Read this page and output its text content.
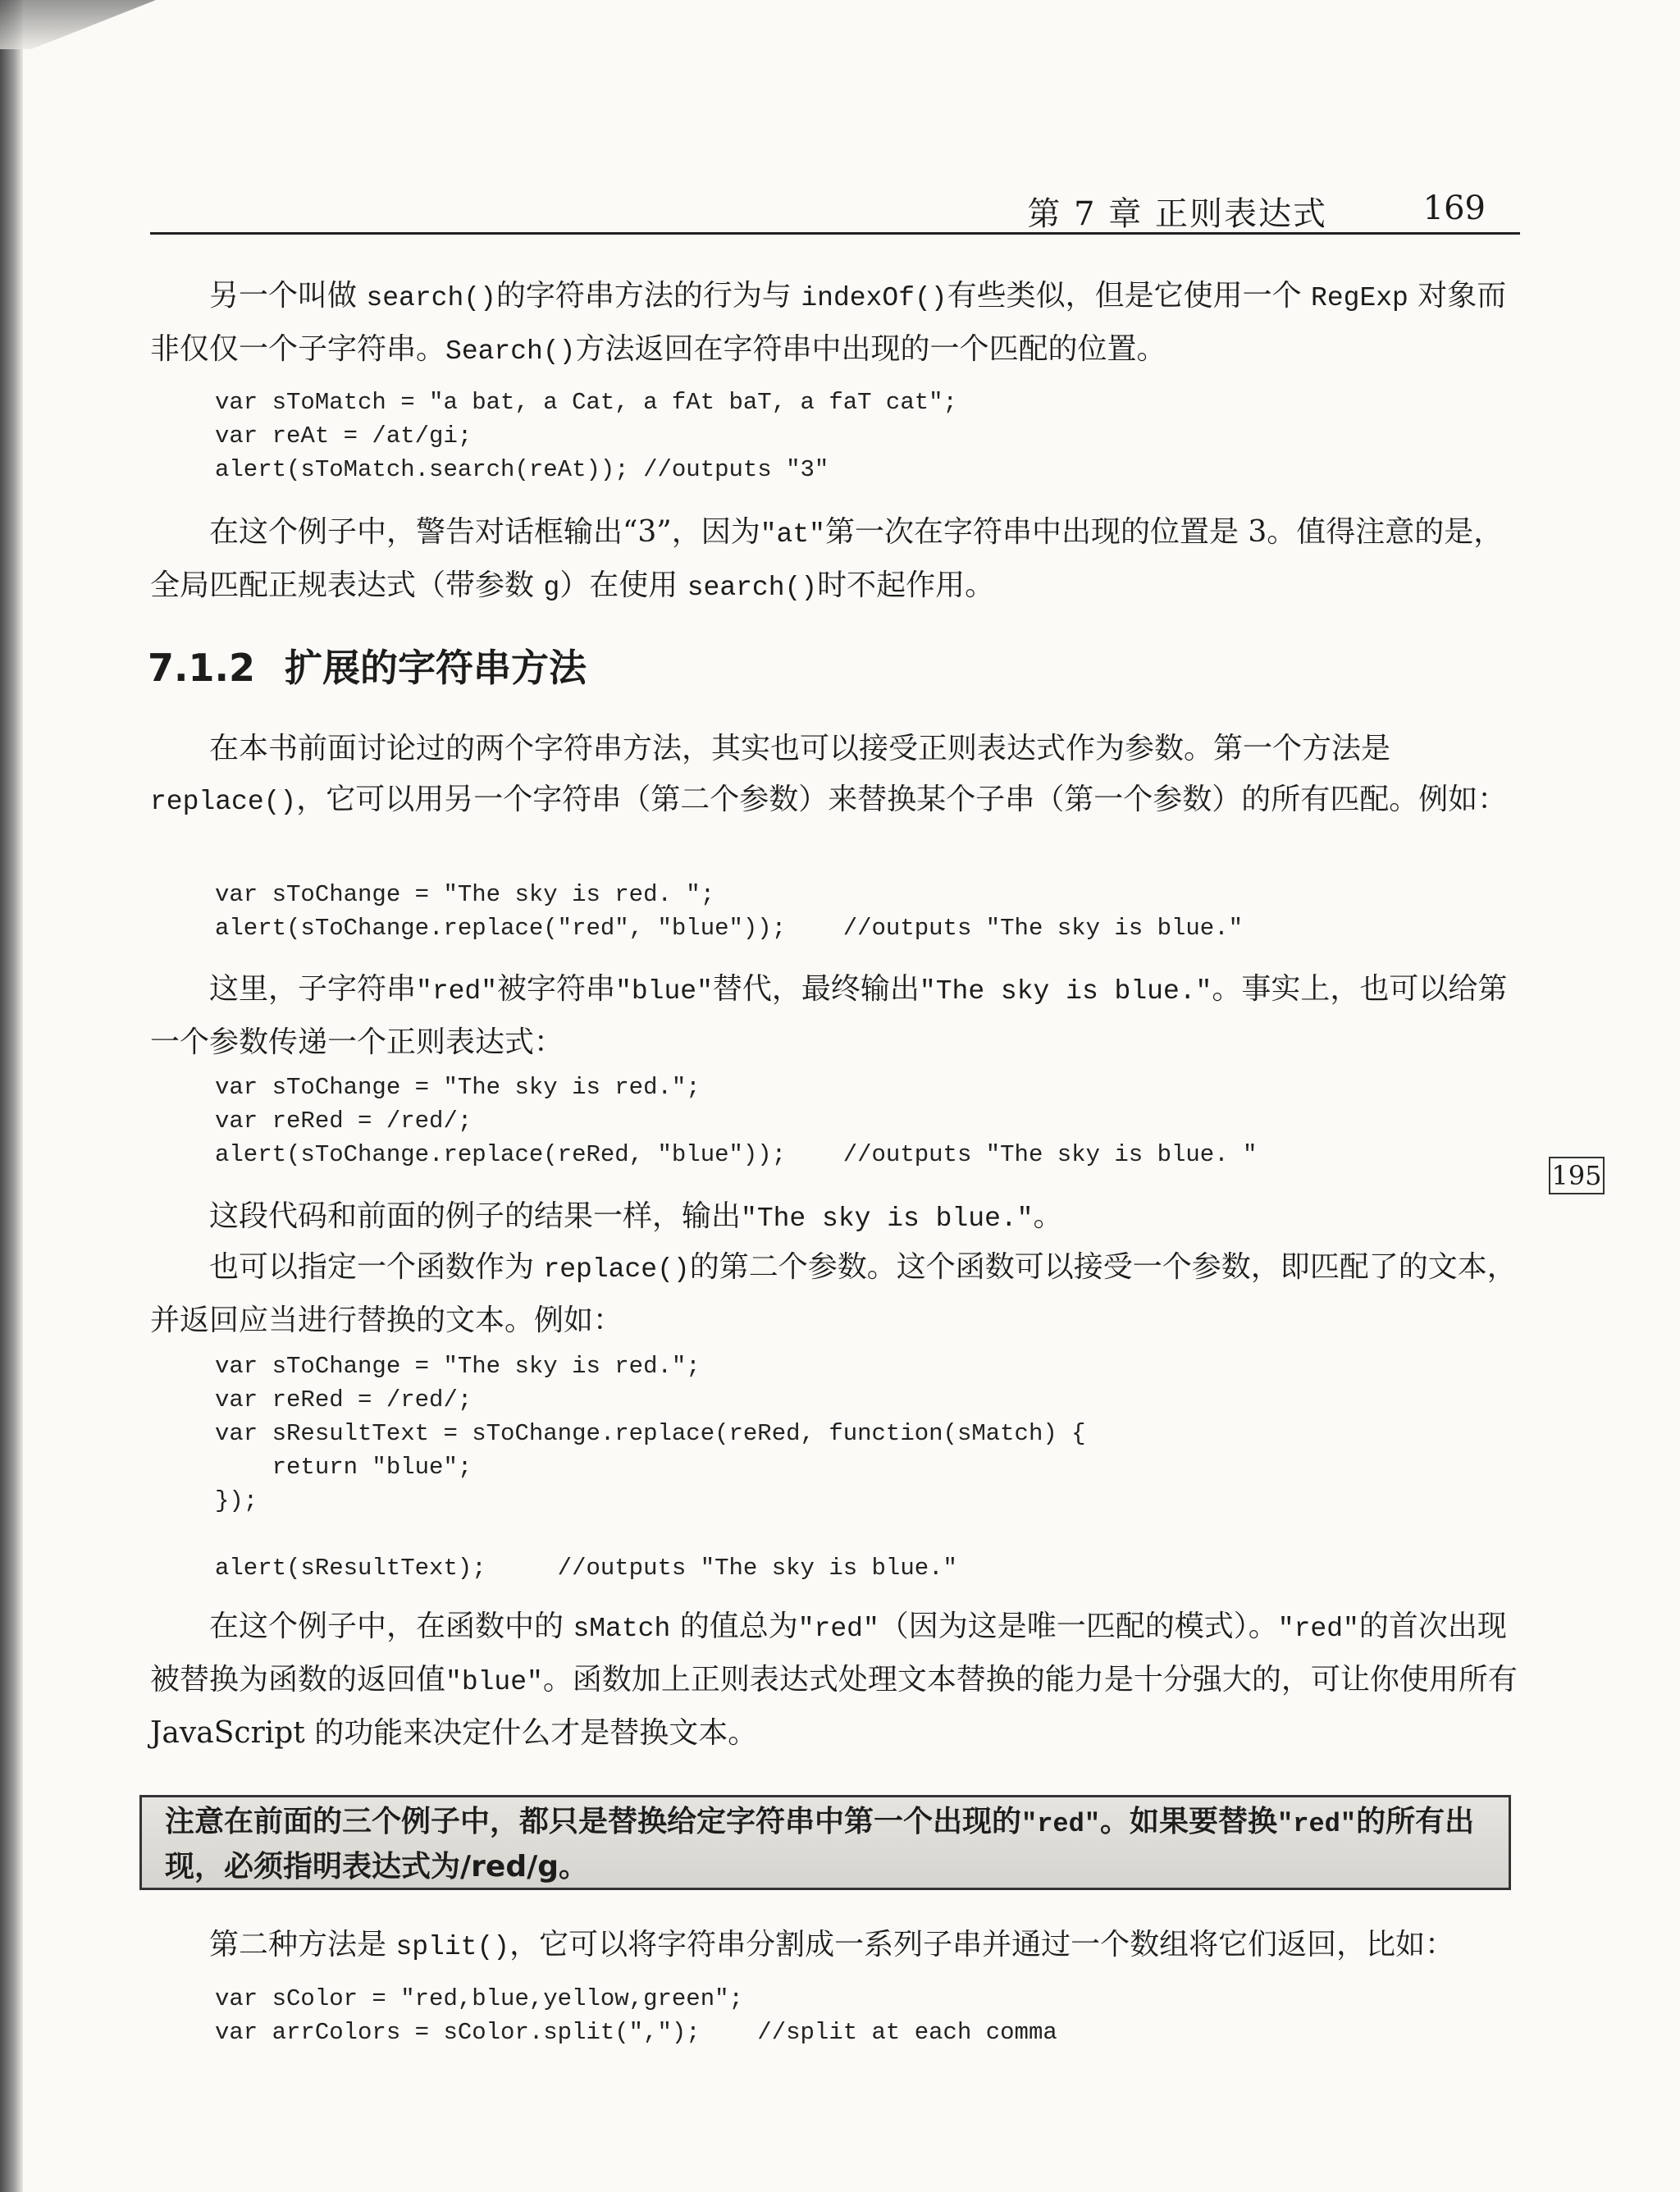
第 7 章 正则表达式	169

另一个叫做 search()的字符串方法的行为与 indexOf()有些类似，但是它使用一个 RegExp 对象而非仅仅一个子字符串。Search()方法返回在字符串中出现的一个匹配的位置。

var sToMatch = "a bat, a Cat, a fAt baT, a faT cat";
var reAt = /at/gi;
alert(sToMatch.search(reAt)); //outputs "3"

在这个例子中，警告对话框输出“3”，因为"at"第一次在字符串中出现的位置是 3。值得注意的是，全局匹配正规表达式（带参数 g）在使用 search()时不起作用。

7.1.2 扩展的字符串方法

在本书前面讨论过的两个字符串方法，其实也可以接受正则表达式作为参数。第一个方法是 replace()，它可以用另一个字符串（第二个参数）来替换某个子串（第一个参数）的所有匹配。例如：

var sToChange = "The sky is red. ";
alert(sToChange.replace("red", "blue"));    //outputs "The sky is blue."

这里，子字符串"red"被字符串"blue"替代，最终输出"The sky is blue."。事实上，也可以给第一个参数传递一个正则表达式：

var sToChange = "The sky is red.";
var reRed = /red/;
alert(sToChange.replace(reRed, "blue"));    //outputs "The sky is blue. "
195

这段代码和前面的例子的结果一样，输出"The sky is blue."。

也可以指定一个函数作为 replace()的第二个参数。这个函数可以接受一个参数，即匹配了的文本，并返回应当进行替换的文本。例如：

var sToChange = "The sky is red.";
var reRed = /red/;
var sResultText = sToChange.replace(reRed, function(sMatch) {
return "blue";
});

alert(sResultText);     //outputs "The sky is blue."

在这个例子中，在函数中的 sMatch 的值总为"red"（因为这是唯一匹配的模式）。"red"的首次出现被替换为函数的返回值"blue"。函数加上正则表达式处理文本替换的能力是十分强大的，可让你使用所有 JavaScript 的功能来决定什么才是替换文本。

注意在前面的三个例子中，都只是替换给定字符串中第一个出现的"red"。如果要替换"red"的所有出现，必须指明表达式为/red/g。

第二种方法是 split()，它可以将字符串分割成一系列子串并通过一个数组将它们返回，比如：

var sColor = "red,blue,yellow,green";
var arrColors = sColor.split(",");    //split at each comma
